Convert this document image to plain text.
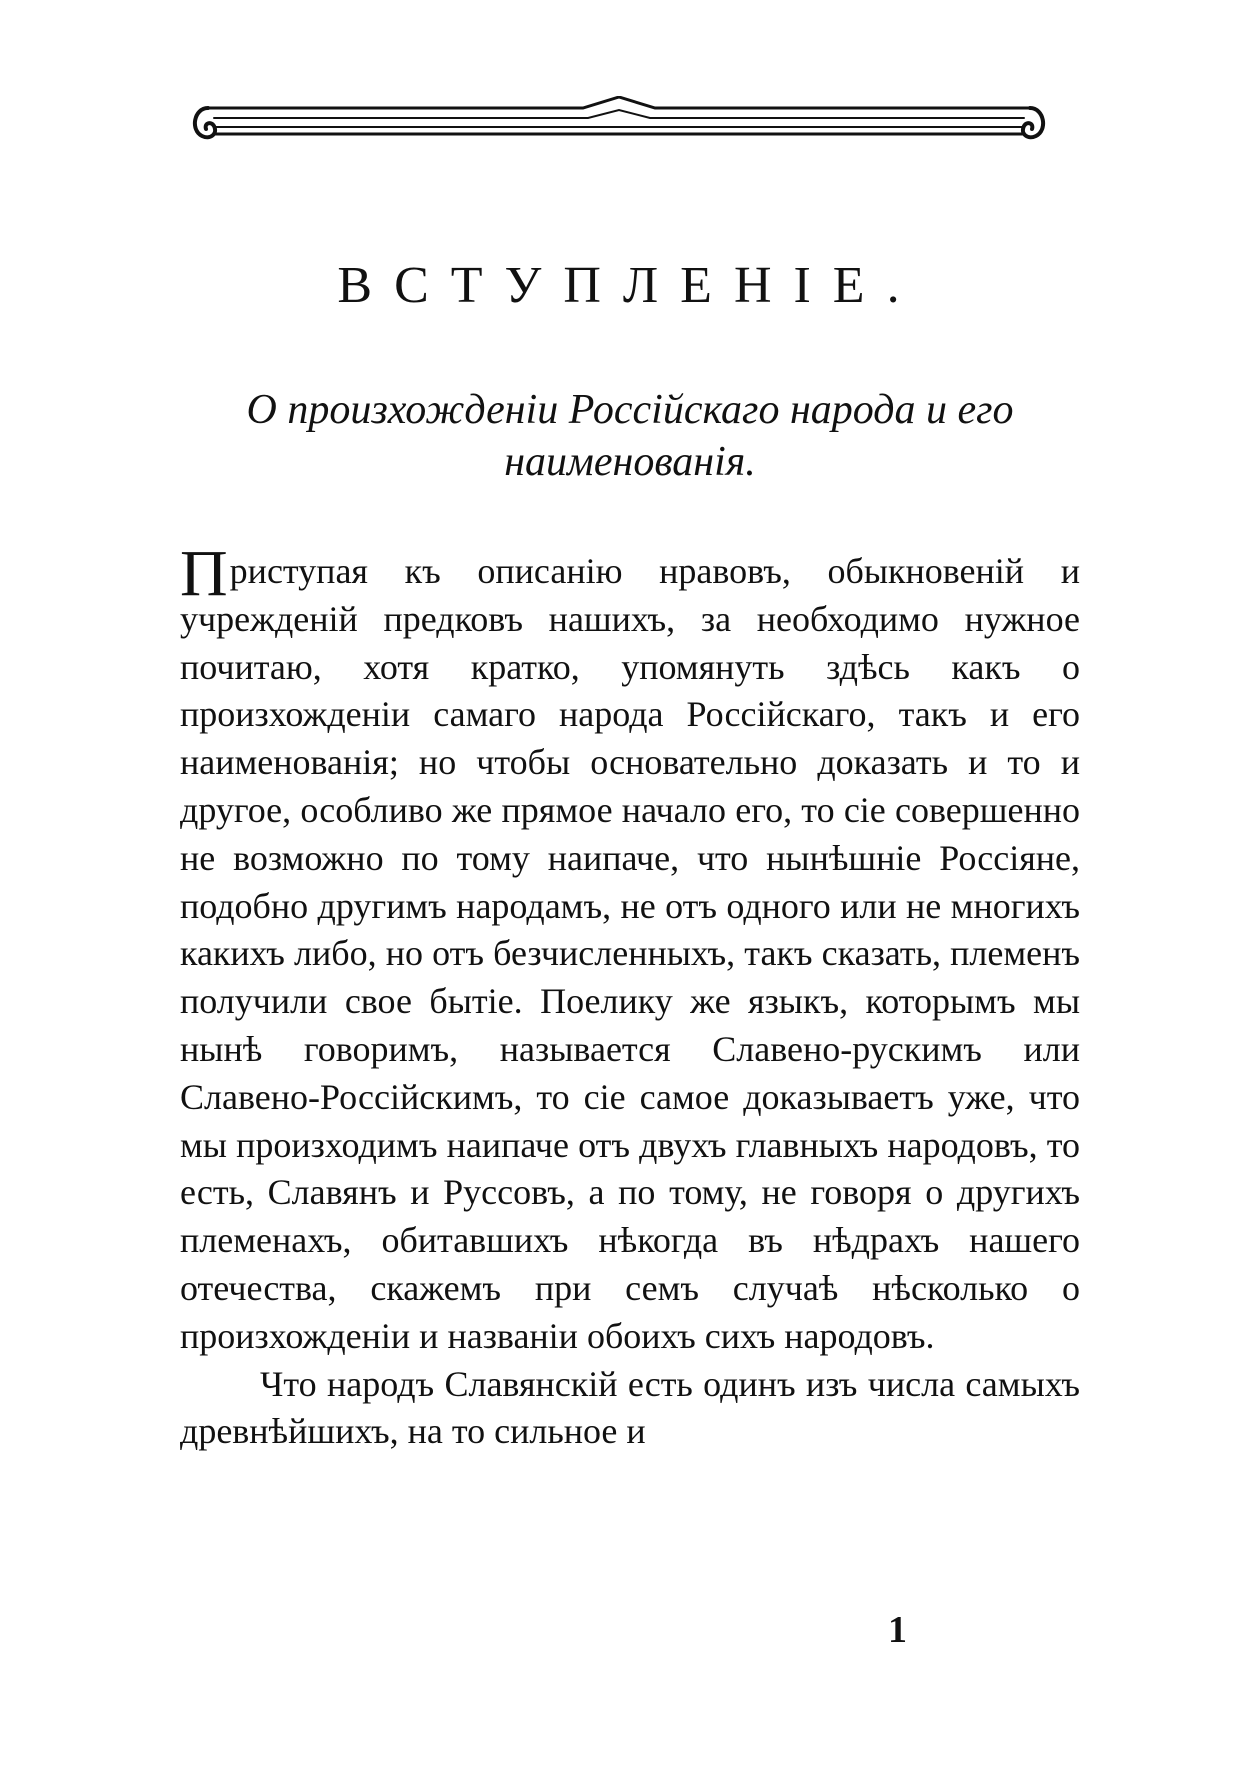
ВСТУПЛЕНІЕ.
О произхожденіи Россійскаго народа и его
наименованія.

Приступая къ описанію нравовъ, обыкновеній и учрежденій предковъ нашихъ, за необходимо нужное почитаю, хотя кратко, упомянуть здѣсь какъ о произхожденіи самаго народа Россійскаго, такъ и его наименованія; но чтобы основательно доказать и то и другое, особливо же прямое начало его, то сіе совершенно не возможно по тому наипаче, что нынѣшніе Россіяне, подобно другимъ народамъ, не отъ одного или не многихъ какихъ либо, но отъ безчисленныхъ, такъ сказать, племенъ получили свое бытіе. Поелику же языкъ, которымъ мы нынѣ говоримъ, называется Славено-рускимъ или Славено-Россійскимъ, то сіе самое доказываетъ уже, что мы произходимъ наипаче отъ двухъ главныхъ народовъ, то есть, Славянъ и Руссовъ, а по тому, не говоря о другихъ племенахъ, обитавшихъ нѣкогда въ нѣдрахъ нашего отечества, скажемъ при семъ случаѣ нѣсколько о произхожденіи и названіи обоихъ сихъ народовъ.

Что народъ Славянскій есть одинъ изъ числа самыхъ древнѣйшихъ, на то сильное и

1
